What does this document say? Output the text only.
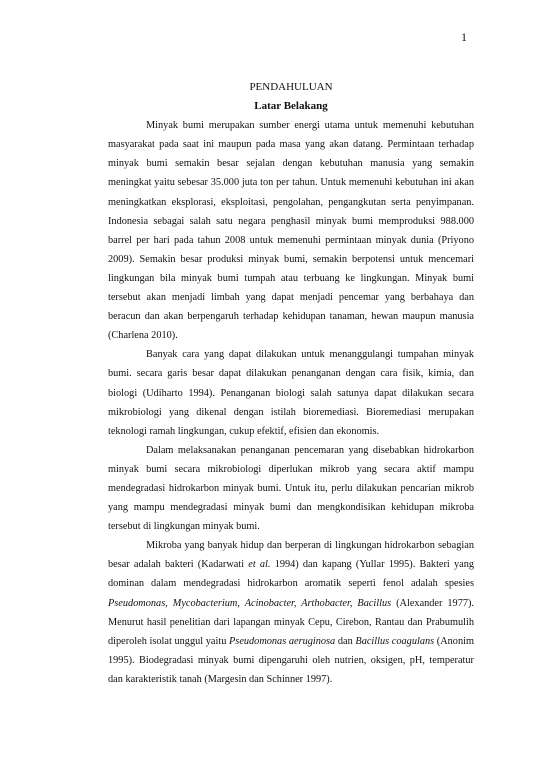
1
PENDAHULUAN
Latar Belakang

Minyak bumi merupakan sumber energi utama untuk memenuhi kebutuhan masyarakat pada saat ini maupun pada masa yang akan datang. Permintaan terhadap minyak bumi semakin besar sejalan dengan kebutuhan manusia yang semakin meningkat yaitu sebesar 35.000 juta ton per tahun. Untuk memenuhi kebutuhan ini akan meningkatkan eksplorasi, eksploitasi, pengolahan, pengangkutan serta penyimpanan. Indonesia sebagai salah satu negara penghasil minyak bumi memproduksi 988.000 barrel per hari pada tahun 2008 untuk memenuhi permintaan minyak dunia (Priyono 2009). Semakin besar produksi minyak bumi, semakin berpotensi untuk mencemari lingkungan bila minyak bumi tumpah atau terbuang ke lingkungan. Minyak bumi tersebut akan menjadi limbah yang dapat menjadi pencemar yang berbahaya dan beracun dan akan berpengaruh terhadap kehidupan tanaman, hewan maupun manusia (Charlena 2010).

Banyak cara yang dapat dilakukan untuk menanggulangi tumpahan minyak bumi. secara garis besar dapat dilakukan penanganan dengan cara fisik, kimia, dan biologi (Udiharto 1994). Penanganan biologi salah satunya dapat dilakukan secara mikrobiologi yang dikenal dengan istilah bioremediasi. Bioremediasi merupakan teknologi ramah lingkungan, cukup efektif, efisien dan ekonomis.

Dalam melaksanakan penanganan pencemaran yang disebabkan hidrokarbon minyak bumi secara mikrobiologi diperlukan mikrob yang secara aktif mampu mendegradasi hidrokarbon minyak bumi. Untuk itu, perlu dilakukan pencarian mikrob yang mampu mendegradasi minyak bumi dan mengkondisikan kehidupan mikroba tersebut di lingkungan minyak bumi.

Mikroba yang banyak hidup dan berperan di lingkungan hidrokarbon sebagian besar adalah bakteri (Kadarwati et al. 1994) dan kapang (Yullar 1995). Bakteri yang dominan dalam mendegradasi hidrokarbon aromatik seperti fenol adalah spesies Pseudomonas, Mycobacterium, Acinobacter, Arthobacter, Bacillus (Alexander 1977). Menurut hasil penelitian dari lapangan minyak Cepu, Cirebon, Rantau dan Prabumulih diperoleh isolat unggul yaitu Pseudomonas aeruginosa dan Bacillus coagulans (Anonim 1995). Biodegradasi minyak bumi dipengaruhi oleh nutrien, oksigen, pH, temperatur dan karakteristik tanah (Margesin dan Schinner 1997).
